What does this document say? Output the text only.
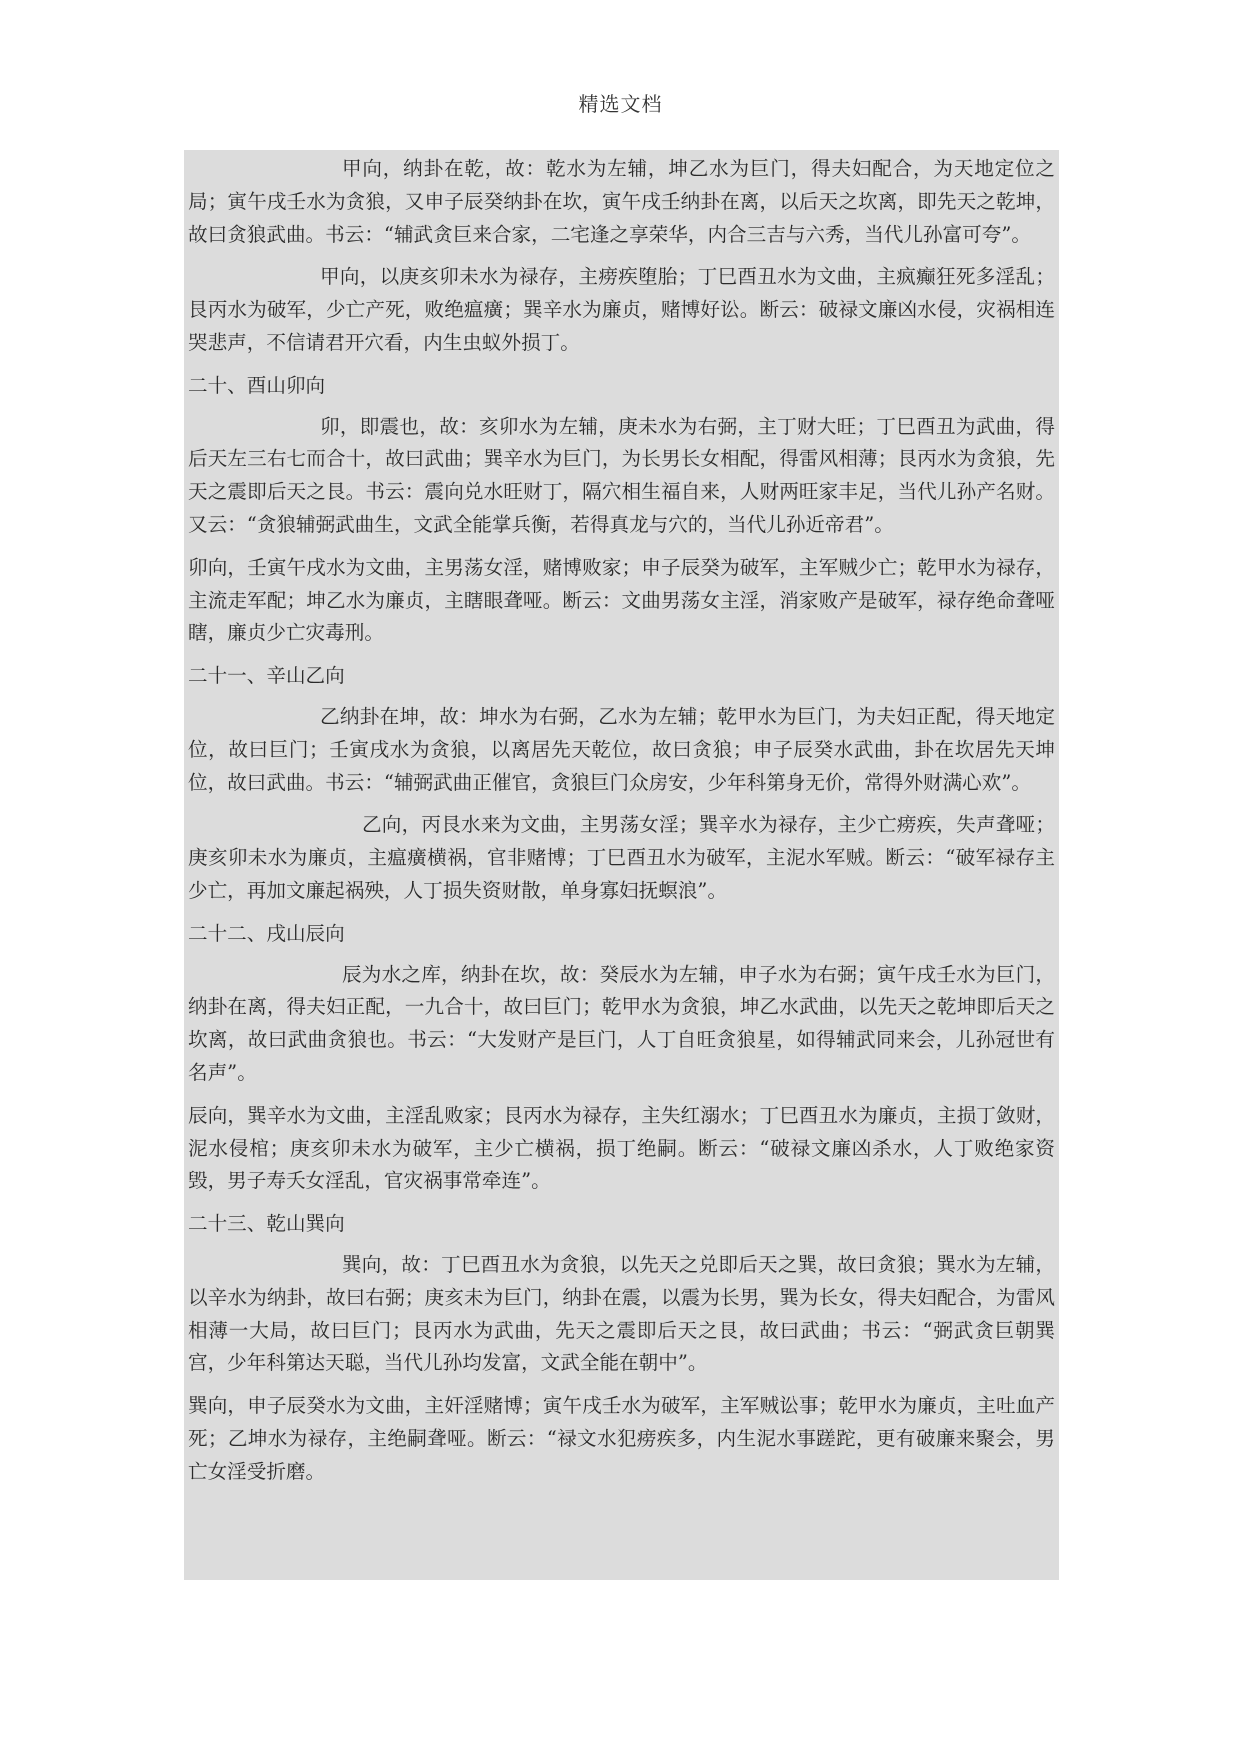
精选文档

甲向，纳卦在乾，故：乾水为左辅，坤乙水为巨门，得夫妇配合，为天地定位之局；寅午戌壬水为贪狼，又申子辰癸纳卦在坎，寅午戌壬纳卦在离，以后天之坎离，即先天之乾坤，故曰贪狼武曲。书云：“辅武贪巨来合家，二宅逢之享荣华，内合三吉与六秀，当代儿孙富可夸”。

甲向，以庚亥卯未水为禄存，主痨疾堕胎；丁巳酉丑水为文曲，主疯癫狂死多淫乱；艮丙水为破军，少亡产死，败绝瘟癀；巽辛水为廉贞，赌博好讼。断云：破禄文廉凶水侵，灾祸相连哭悲声，不信请君开穴看，内生虫蚁外损丁。

二十、酉山卯向

卯，即震也，故：亥卯水为左辅，庚未水为右弼，主丁财大旺；丁巳酉丑为武曲，得后天左三右七而合十，故曰武曲；巽辛水为巨门，为长男长女相配，得雷风相薄；艮丙水为贪狼，先天之震即后天之艮。书云：震向兑水旺财丁，隔穴相生福自来，人财两旺家丰足，当代儿孙产名财。又云：“贪狼辅弼武曲生，文武全能掌兵衡，若得真龙与穴的，当代儿孙近帝君”。

卯向，壬寅午戌水为文曲，主男荡女淫，赌博败家；申子辰癸为破军，主军贼少亡；乾甲水为禄存，主流走军配；坤乙水为廉贞，主瞎眼聋哑。断云：文曲男荡女主淫，消家败产是破军，禄存绝命聋哑瞎，廉贞少亡灾毒刑。

二十一、辛山乙向

乙纳卦在坤，故：坤水为右弼，乙水为左辅；乾甲水为巨门，为夫妇正配，得天地定位，故曰巨门；壬寅戌水为贪狼，以离居先天乾位，故曰贪狼；申子辰癸水武曲，卦在坎居先天坤位，故曰武曲。书云：“辅弼武曲正催官，贪狼巨门众房安，少年科第身无价，常得外财满心欢”。

乙向，丙艮水来为文曲，主男荡女淫；巽辛水为禄存，主少亡痨疾，失声聋哑；庚亥卯未水为廉贞，主瘟癀横祸，官非赌博；丁巳酉丑水为破军，主泥水军贼。断云：“破军禄存主少亡，再加文廉起祸殃，人丁损失资财散，单身寡妇抚螟浪”。

二十二、戌山辰向

辰为水之库，纳卦在坎，故：癸辰水为左辅，申子水为右弼；寅午戌壬水为巨门，纳卦在离，得夫妇正配，一九合十，故曰巨门；乾甲水为贪狼，坤乙水武曲，以先天之乾坤即后天之坎离，故曰武曲贪狼也。书云：“大发财产是巨门，人丁自旺贪狼星，如得辅武同来会，儿孙冠世有名声”。

辰向，巽辛水为文曲，主淫乱败家；艮丙水为禄存，主失红溺水；丁巳酉丑水为廉贞，主损丁敛财，泥水侵棺；庚亥卯未水为破军，主少亡横祸，损丁绝嗣。断云：“破禄文廉凶杀水，人丁败绝家资毁，男子寿夭女淫乱，官灾祸事常牵连”。

二十三、乾山巽向

巽向，故：丁巳酉丑水为贪狼，以先天之兑即后天之巽，故曰贪狼；巽水为左辅，以辛水为纳卦，故曰右弼；庚亥未为巨门，纳卦在震，以震为长男，巽为长女，得夫妇配合，为雷风相薄一大局，故曰巨门；艮丙水为武曲，先天之震即后天之艮，故曰武曲；书云：“弼武贪巨朝巽宫，少年科第达天聪，当代儿孙均发富，文武全能在朝中”。

巽向，申子辰癸水为文曲，主奸淫赌博；寅午戌壬水为破军，主军贼讼事；乾甲水为廉贞，主吐血产死；乙坤水为禄存，主绝嗣聋哑。断云：“禄文水犯痨疾多，内生泥水事蹉跎，更有破廉来聚会，男亡女淫受折磨。
